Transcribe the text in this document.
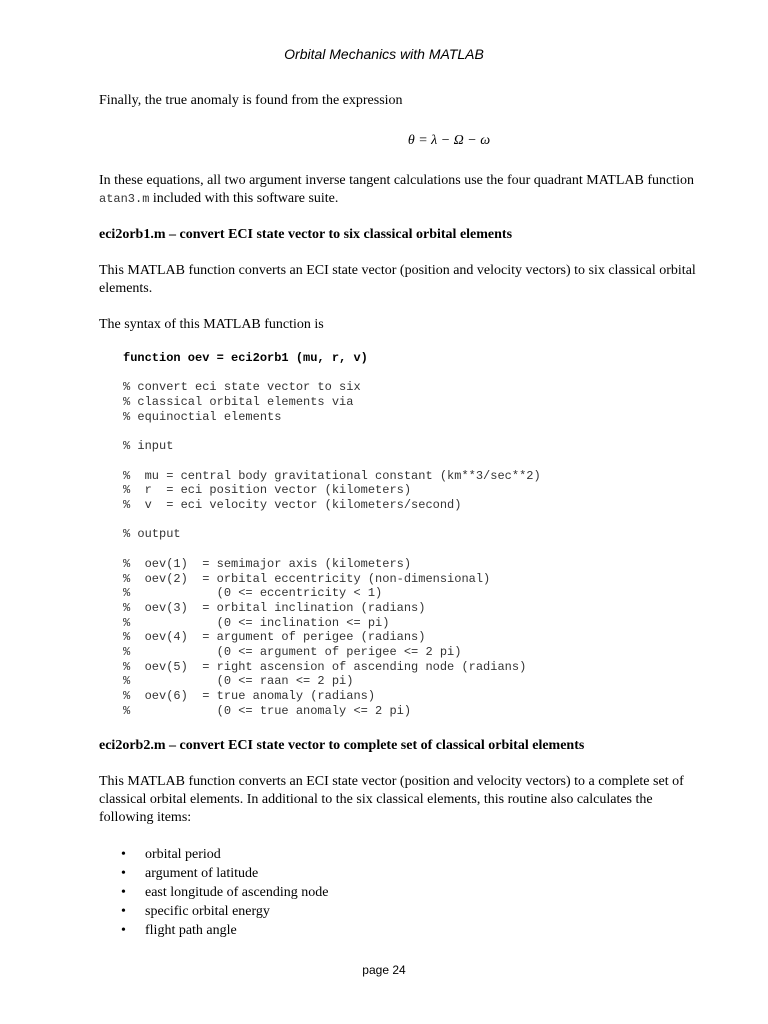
Orbital Mechanics with MATLAB

Finally, the true anomaly is found from the expression

θ = λ − Ω − ω

In these equations, all two argument inverse tangent calculations use the four quadrant MATLAB function atan3.m included with this software suite.

eci2orb1.m – convert ECI state vector to six classical orbital elements

This MATLAB function converts an ECI state vector (position and velocity vectors) to six classical orbital elements.

The syntax of this MATLAB function is

function oev = eci2orb1 (mu, r, v)

% convert eci state vector to six
% classical orbital elements via
% equinoctial elements

% input

%  mu = central body gravitational constant (km**3/sec**2)
%  r  = eci position vector (kilometers)
%  v  = eci velocity vector (kilometers/second)

% output

%  oev(1)  = semimajor axis (kilometers)
%  oev(2)  = orbital eccentricity (non-dimensional)
%            (0 <= eccentricity < 1)
%  oev(3)  = orbital inclination (radians)
%            (0 <= inclination <= pi)
%  oev(4)  = argument of perigee (radians)
%            (0 <= argument of perigee <= 2 pi)
%  oev(5)  = right ascension of ascending node (radians)
%            (0 <= raan <= 2 pi)
%  oev(6)  = true anomaly (radians)
%            (0 <= true anomaly <= 2 pi)

eci2orb2.m – convert ECI state vector to complete set of classical orbital elements

This MATLAB function converts an ECI state vector (position and velocity vectors) to a complete set of classical orbital elements. In additional to the six classical elements, this routine also calculates the following items:

• orbital period
• argument of latitude
• east longitude of ascending node
• specific orbital energy
• flight path angle
page 24
